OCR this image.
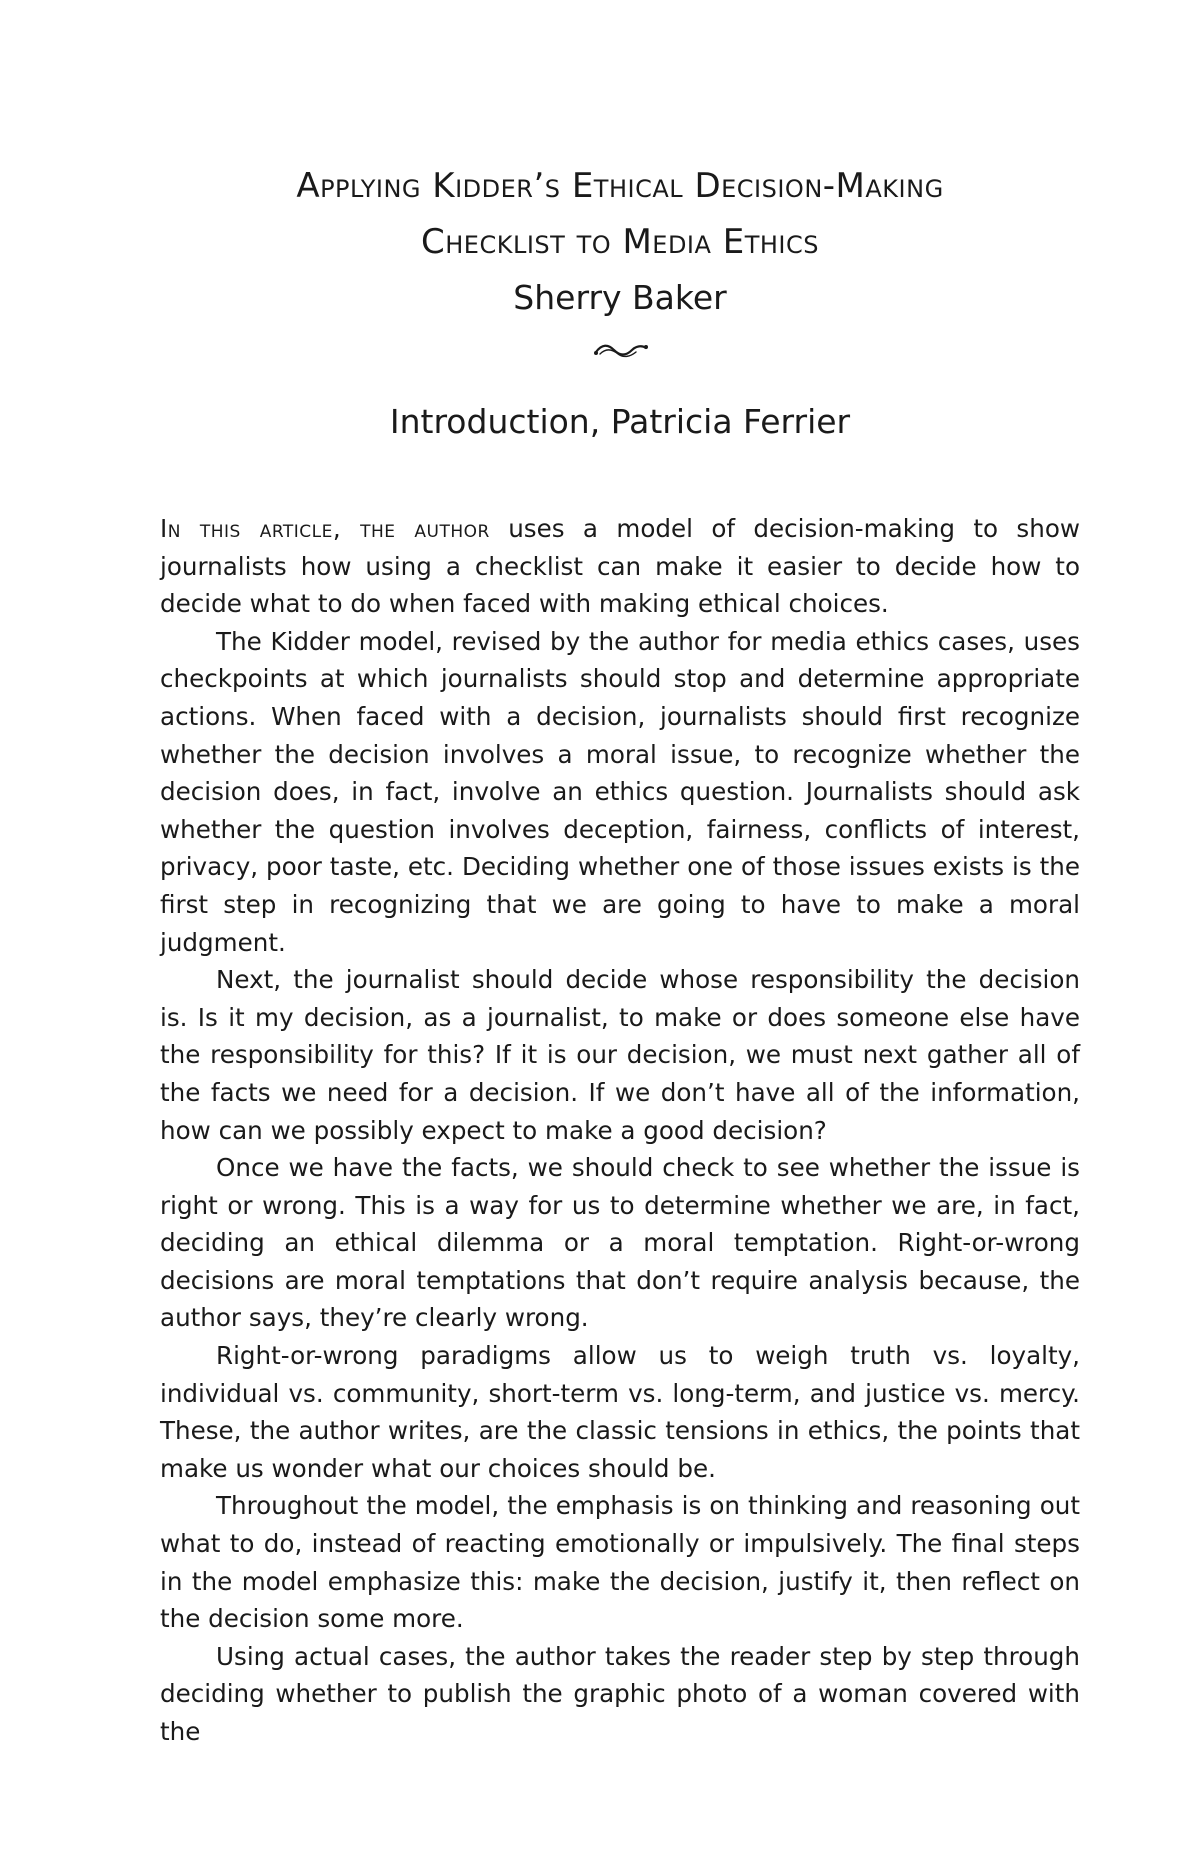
Applying Kidder’s Ethical Decision-Making
Checklist to Media Ethics
Sherry Baker
Introduction, Patricia Ferrier

In this article, the author uses a model of decision-making to show journalists how using a checklist can make it easier to decide how to decide what to do when faced with making ethical choices.

The Kidder model, revised by the author for media ethics cases, uses checkpoints at which journalists should stop and determine appropriate actions. When faced with a decision, journalists should first recognize whether the decision involves a moral issue, to recognize whether the decision does, in fact, involve an ethics question. Journalists should ask whether the question involves deception, fairness, conflicts of interest, privacy, poor taste, etc. Deciding whether one of those issues exists is the first step in recognizing that we are going to have to make a moral judgment.

Next, the journalist should decide whose responsibility the decision is. Is it my decision, as a journalist, to make or does someone else have the responsibility for this? If it is our decision, we must next gather all of the facts we need for a decision. If we don’t have all of the information, how can we possibly expect to make a good decision?

Once we have the facts, we should check to see whether the issue is right or wrong. This is a way for us to determine whether we are, in fact, deciding an ethical dilemma or a moral temptation. Right-or-wrong decisions are moral temptations that don’t require analysis because, the author says, they’re clearly wrong.

Right-or-wrong paradigms allow us to weigh truth vs. loyalty, individual vs. community, short-term vs. long-term, and justice vs. mercy. These, the author writes, are the classic tensions in ethics, the points that make us wonder what our choices should be.

Throughout the model, the emphasis is on thinking and reasoning out what to do, instead of reacting emotionally or impulsively. The final steps in the model emphasize this: make the decision, justify it, then reflect on the decision some more.

Using actual cases, the author takes the reader step by step through deciding whether to publish the graphic photo of a woman covered with the
